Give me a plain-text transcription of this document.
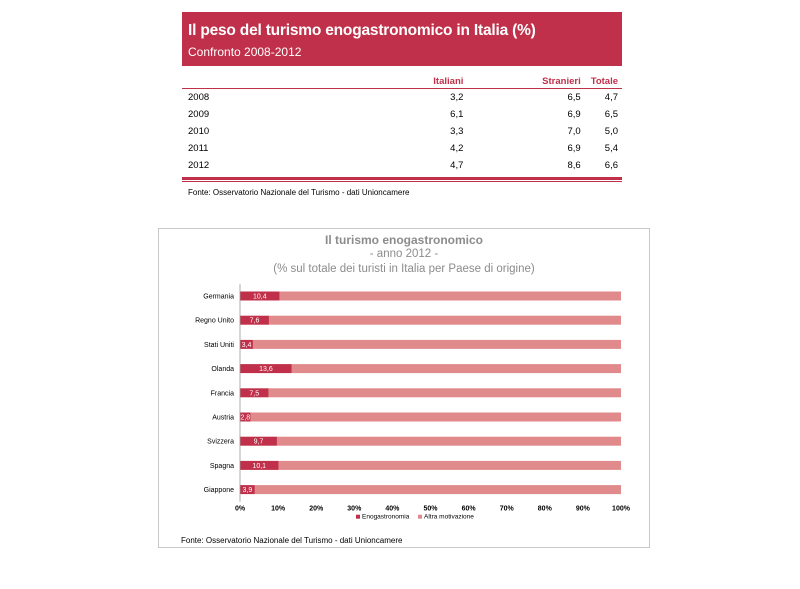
Il peso del turismo enogastronomico in Italia (%)
Confronto 2008-2012
	Italiani	Stranieri	Totale
2008	3,2	6,5	4,7
2009	6,1	6,9	6,5
2010	3,3	7,0	5,0
2011	4,2	6,9	5,4
2012	4,7	8,6	6,6
Fonte: Osservatorio Nazionale del Turismo - dati Unioncamere
Il turismo enogastronomico
- anno 2012 -
(% sul totale dei turisti in Italia per Paese di origine)
Germania	10,4
Regno Unito 7,6
Stati Uniti 3,4
Olanda	13,6
Francia 7,5
Austria 2,8
Svizzera	9,7
Spagna	10,1
Giappone 3,9
0%	10%	20%	30%	40%	50%	60%	70%	80%	90%	100%
Enogastronomia Altra motivazione
Fonte: Osservatorio Nazionale del Turismo - dati Unioncamere
